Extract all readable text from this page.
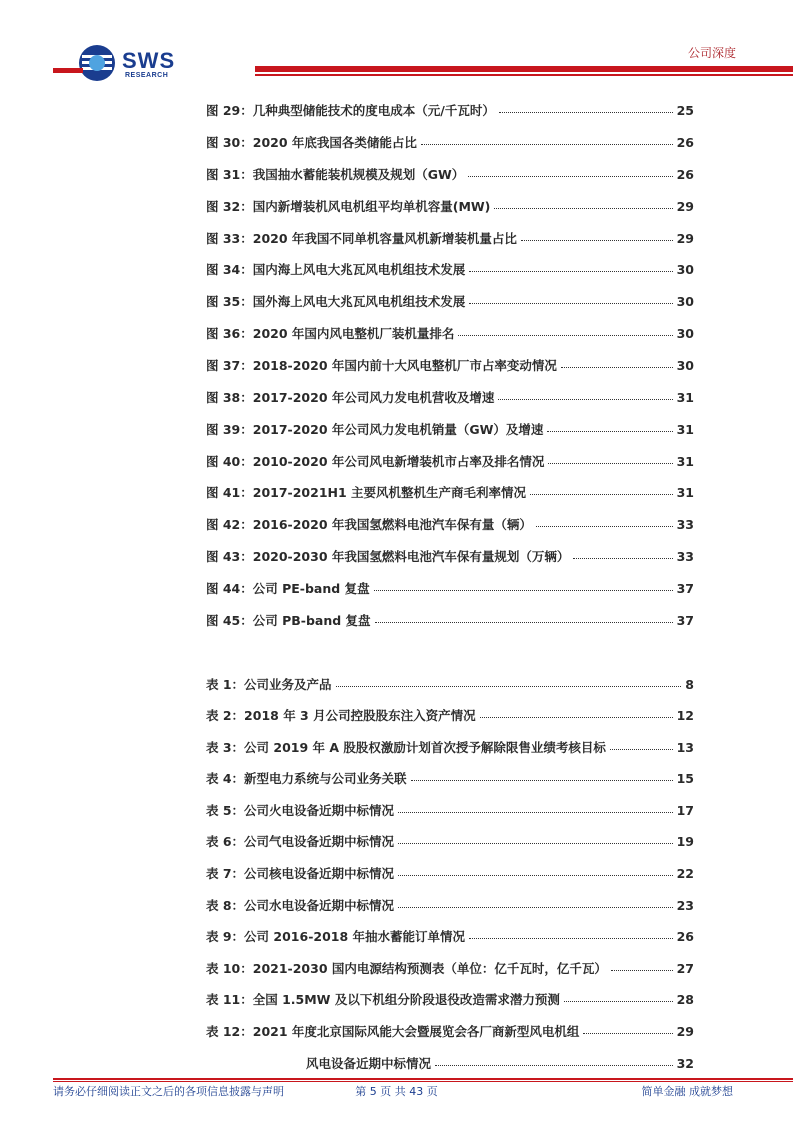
SWS
RESEARCH
公司深度
图 29：几种典型储能技术的度电成本（元/千瓦时）	25
图 30：2020 年底我国各类储能占比	26
图 31：我国抽水蓄能装机规模及规划（GW）	26
图 32：国内新增装机风电机组平均单机容量(MW)	29
图 33：2020 年我国不同单机容量风机新增装机量占比	29
图 34：国内海上风电大兆瓦风电机组技术发展	30
图 35：国外海上风电大兆瓦风电机组技术发展	30
图 36：2020 年国内风电整机厂装机量排名	30
图 37：2018-2020 年国内前十大风电整机厂市占率变动情况	30
图 38：2017-2020 年公司风力发电机营收及增速	31
图 39：2017-2020 年公司风力发电机销量（GW）及增速	31
图 40：2010-2020 年公司风电新增装机市占率及排名情况	31
图 41：2017-2021H1 主要风机整机生产商毛利率情况	31
图 42：2016-2020 年我国氢燃料电池汽车保有量（辆）	33
图 43：2020-2030 年我国氢燃料电池汽车保有量规划（万辆）	33
图 44：公司 PE-band 复盘	37
图 45：公司 PB-band 复盘	37
表 1：公司业务及产品	8
表 2：2018 年 3 月公司控股股东注入资产情况	12
表 3：公司 2019 年 A 股股权激励计划首次授予解除限售业绩考核目标	13
表 4：新型电力系统与公司业务关联	15
表 5：公司火电设备近期中标情况	17
表 6：公司气电设备近期中标情况	19
表 7：公司核电设备近期中标情况	22
表 8：公司水电设备近期中标情况	23
表 9：公司 2016-2018 年抽水蓄能订单情况	26
表 10：2021-2030 国内电源结构预测表（单位：亿千瓦时，亿千瓦）	27
表 11：全国 1.5MW 及以下机组分阶段退役改造需求潜力预测	28
表 12：2021 年度北京国际风能大会暨展览会各厂商新型风电机组	29
风电设备近期中标情况	32
请务必仔细阅读正文之后的各项信息披露与声明	第 5 页 共 43 页	简单金融 成就梦想
